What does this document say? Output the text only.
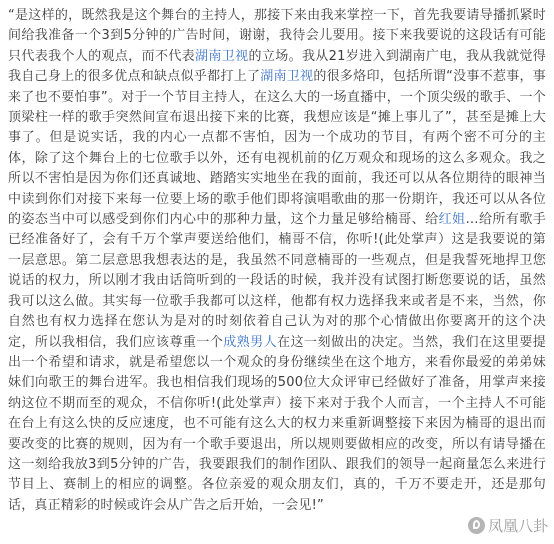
“是这样的，既然我是这个舞台的主持人，那接下来由我来掌控一下，首先我要请导播抓紧时间给我准备一个3到5分钟的广告时间，谢谢，我待会儿要用。接下来我要说的这段话有可能只代表我个人的观点，而不代表湖南卫视的立场。我从21岁进入到湖南广电，我从我就觉得我自己身上的很多优点和缺点似乎都打上了湖南卫视的很多烙印，包括所谓“没事不惹事，事来了也不要怕事”。对于一个节目主持人，在这么大的一场直播中，一个顶尖级的歌手、一个顶梁柱一样的歌手突然间宣布退出接下来的比赛，我想应该是“摊上事儿了”，甚至是摊上大事了。但是说实话，我的内心一点都不害怕，因为一个成功的节目，有两个密不可分的主体，除了这个舞台上的七位歌手以外，还有电视机前的亿万观众和现场的这么多观众。我之所以不害怕是因为你们还真诚地、踏踏实实地坐在我的面前，我还可以从各位期待的眼神当中读到你们对接下来每一位要上场的歌手他们即将演唱歌曲的那一份期许，我还可以从各位的姿态当中可以感受到你们内心中的那种力量，这个力量足够给楠哥、给红姐…给所有歌手已经准备好了，会有千万个掌声要送给他们，楠哥不信，你听!(此处掌声）这是我要说的第一层意思。第二层意思我想表达的是，我虽然不同意楠哥的一些观点，但是我誓死地捍卫您说话的权力，所以刚才我由话筒听到的一段话的时候，我并没有试图打断您要说的话，虽然我可以这么做。其实每一位歌手我都可以这样，他都有权力选择我来或者是不来，当然，你自然也有权力选择在您认为是对的时刻依着自己认为对的那个心情做出你要离开的这个决定，所以我相信，我们应该尊重一个成熟男人在这一刻做出的决定。当然，我们在这里要提出一个希望和请求，就是希望您以一个观众的身份继续坐在这个地方，来看你最爱的弟弟妹妹们向歌王的舞台进军。我也相信我们现场的500位大众评审已经做好了准备，用掌声来接纳这位不期而至的观众，不信你听!(此处掌声）接下来对于我个人而言，一个主持人不可能在台上有这么快的反应速度，也不可能有这么大的权力来重新调整接下来因为楠哥的退出而要改变的比赛的规则，因为有一个歌手要退出，所以规则要做相应的改变，所以有请导播在这一刻给我放3到5分钟的广告，我要跟我们的制作团队、跟我们的领导一起商量怎么来进行节目上、赛制上的相应的调整。各位亲爱的观众朋友们，真的，千万不要走开，还是那句话，真正精彩的时候或许会从广告之后开始，一会见!”

凤凰八卦
